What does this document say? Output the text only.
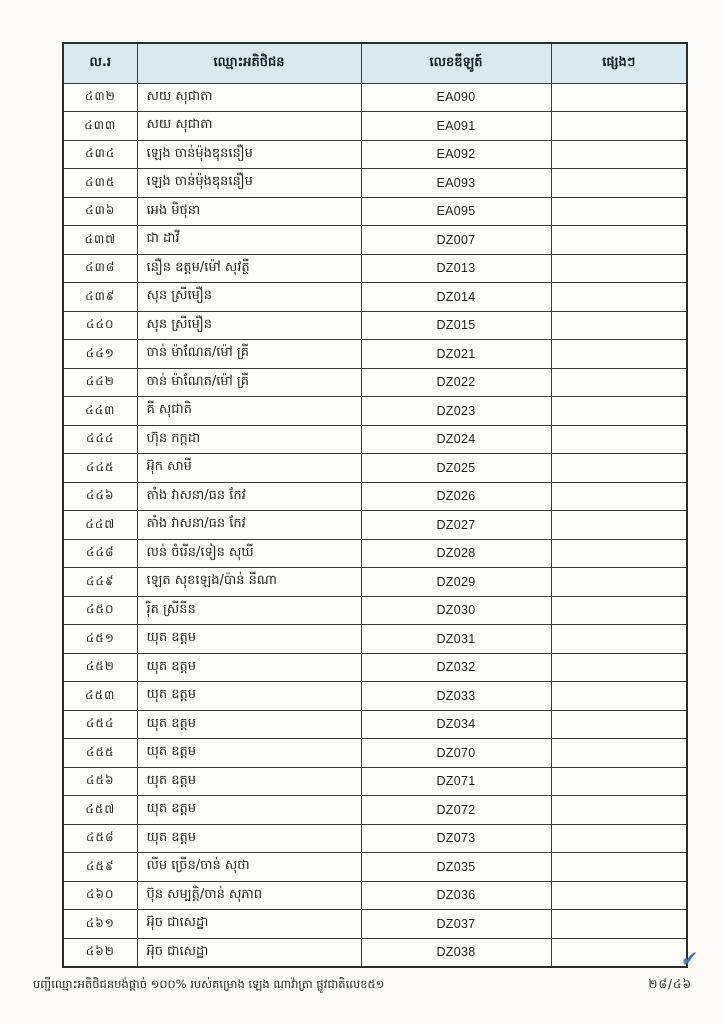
ល.រ	ឈ្មោះអតិថិជន	លេខឌីឡូត៍	ផ្សេងៗ
៤៣២	សយ សុជាតា	EA090	
៤៣៣	សយ សុជាតា	EA091	
៤៣៤	ឡេង ចាន់ម៉ុងឌុននឿម	EA092	
៤៣៥	ឡេង ចាន់ម៉ុងឌុននឿម	EA093	
៤៣៦	អេង មិថុនា	EA095	
៤៣៧	ជា ដាវី	DZ007	
៤៣៨	នឿន ឧត្តម/ម៉ៅ សុវត្ថី	DZ013	
៤៣៩	សុន ស្រីមឿន	DZ014	
៤៤០	សុន ស្រីមឿន	DZ015	
៤៤១	ចាន់ ម៉ាណែត/ម៉ៅ គ្រី	DZ021	
៤៤២	ចាន់ ម៉ាណែត/ម៉ៅ គ្រី	DZ022	
៤៤៣	គី សុជាតិ	DZ023	
៤៤៤	ហ៊ុន កក្កដា	DZ024	
៤៤៥	អ៊ុក សាមី	DZ025	
៤៤៦	តាំង វាសនា/ធន កែវ	DZ026	
៤៤៧	តាំង វាសនា/ធន កែវ	DZ027	
៤៤៨	លន់ ចំរើន/ទៀន សុឃី	DZ028	
៤៤៩	ឡេត សុខឡេង/ប៉ាន់ នីណា	DZ029	
៤៥០	រ៉ិត ស្រីនីន	DZ030	
៤៥១	យុត ឧត្តម	DZ031	
៤៥២	យុត ឧត្តម	DZ032	
៤៥៣	យុត ឧត្តម	DZ033	
៤៥៤	យុត ឧត្តម	DZ034	
៤៥៥	យុត ឧត្តម	DZ070	
៤៥៦	យុត ឧត្តម	DZ071	
៤៥៧	យុត ឧត្តម	DZ072	
៤៥៨	យុត ឧត្តម	DZ073	
៤៥៩	លីម ច្រើន/ចាន់ សុថា	DZ035	
៤៦០	ប៊ុន សម្បត្តិ/ចាន់ សុភាព	DZ036	
៤៦១	អ៊ុច ជាសេដ្ឋា	DZ037	
៤៦២	អ៊ុច ជាសេដ្ឋា	DZ038		✔
បញ្ជីឈ្មោះអតិថិជនបង់ផ្ដាច់ ១០០% របស់គម្រោង ឡេង ណាវ៉ាត្រា ផ្លូវជាតិលេខ៥១	២៨/៤៦
